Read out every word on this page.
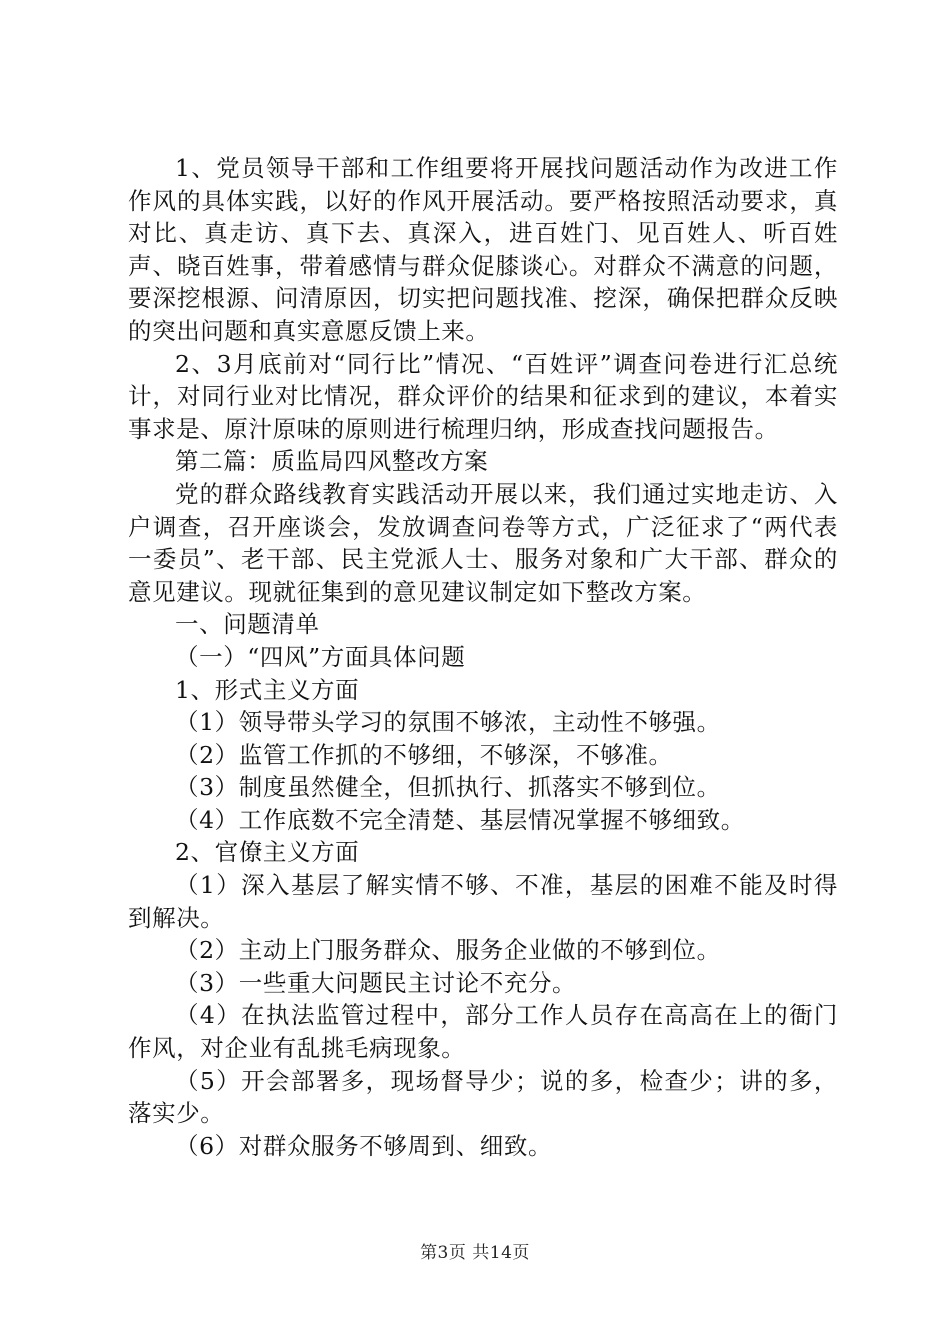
1、党员领导干部和工作组要将开展找问题活动作为改进工作作风的具体实践，以好的作风开展活动。要严格按照活动要求，真对比、真走访、真下去、真深入，进百姓门、见百姓人、听百姓声、晓百姓事，带着感情与群众促膝谈心。对群众不满意的问题，要深挖根源、问清原因，切实把问题找准、挖深，确保把群众反映的突出问题和真实意愿反馈上来。

2、3月底前对“同行比”情况、“百姓评”调查问卷进行汇总统计，对同行业对比情况，群众评价的结果和征求到的建议，本着实事求是、原汁原味的原则进行梳理归纳，形成查找问题报告。

第二篇：质监局四风整改方案

党的群众路线教育实践活动开展以来，我们通过实地走访、入户调查，召开座谈会，发放调查问卷等方式，广泛征求了“两代表一委员”、老干部、民主党派人士、服务对象和广大干部、群众的意见建议。现就征集到的意见建议制定如下整改方案。

一、问题清单

（一）“四风”方面具体问题

1、形式主义方面

（1）领导带头学习的氛围不够浓，主动性不够强。

（2）监管工作抓的不够细，不够深，不够准。

（3）制度虽然健全，但抓执行、抓落实不够到位。

（4）工作底数不完全清楚、基层情况掌握不够细致。

2、官僚主义方面

（1）深入基层了解实情不够、不准，基层的困难不能及时得到解决。

（2）主动上门服务群众、服务企业做的不够到位。

（3）一些重大问题民主讨论不充分。

（4）在执法监管过程中，部分工作人员存在高高在上的衙门作风，对企业有乱挑毛病现象。

（5）开会部署多，现场督导少；说的多，检查少；讲的多，落实少。

（6）对群众服务不够周到、细致。

第3页 共14页
